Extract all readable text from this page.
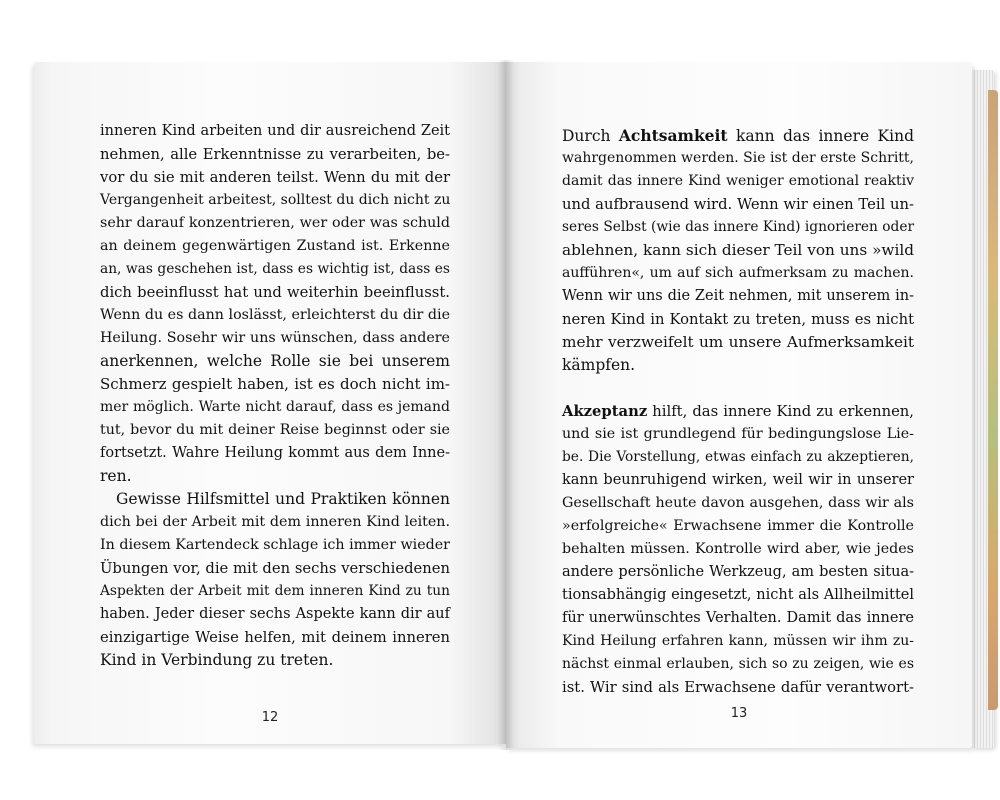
inneren Kind arbeiten und dir ausreichend Zeit
nehmen, alle Erkenntnisse zu verarbeiten, be-
vor du sie mit anderen teilst. Wenn du mit der
Vergangenheit arbeitest, solltest du dich nicht zu
sehr darauf konzentrieren, wer oder was schuld
an deinem gegenwärtigen Zustand ist. Erkenne
an, was geschehen ist, dass es wichtig ist, dass es
dich beeinflusst hat und weiterhin beeinflusst.
Wenn du es dann loslässt, erleichterst du dir die
Heilung. Sosehr wir uns wünschen, dass andere
anerkennen, welche Rolle sie bei unserem
Schmerz gespielt haben, ist es doch nicht im-
mer möglich. Warte nicht darauf, dass es jemand
tut, bevor du mit deiner Reise beginnst oder sie
fortsetzt. Wahre Heilung kommt aus dem Inne-
ren.
Gewisse Hilfsmittel und Praktiken können
dich bei der Arbeit mit dem inneren Kind leiten.
In diesem Kartendeck schlage ich immer wieder
Übungen vor, die mit den sechs verschiedenen
Aspekten der Arbeit mit dem inneren Kind zu tun
haben. Jeder dieser sechs Aspekte kann dir auf
einzigartige Weise helfen, mit deinem inneren
Kind in Verbindung zu treten.
12
Durch Achtsamkeit kann das innere Kind
wahrgenommen werden. Sie ist der erste Schritt,
damit das innere Kind weniger emotional reaktiv
und aufbrausend wird. Wenn wir einen Teil un-
seres Selbst (wie das innere Kind) ignorieren oder
ablehnen, kann sich dieser Teil von uns »wild
aufführen«, um auf sich aufmerksam zu machen.
Wenn wir uns die Zeit nehmen, mit unserem in-
neren Kind in Kontakt zu treten, muss es nicht
mehr verzweifelt um unsere Aufmerksamkeit
kämpfen.
Akzeptanz hilft, das innere Kind zu erkennen,
und sie ist grundlegend für bedingungslose Lie-
be. Die Vorstellung, etwas einfach zu akzeptieren,
kann beunruhigend wirken, weil wir in unserer
Gesellschaft heute davon ausgehen, dass wir als
»erfolgreiche« Erwachsene immer die Kontrolle
behalten müssen. Kontrolle wird aber, wie jedes
andere persönliche Werkzeug, am besten situa-
tionsabhängig eingesetzt, nicht als Allheilmittel
für unerwünschtes Verhalten. Damit das innere
Kind Heilung erfahren kann, müssen wir ihm zu-
nächst einmal erlauben, sich so zu zeigen, wie es
ist. Wir sind als Erwachsene dafür verantwort-
13
